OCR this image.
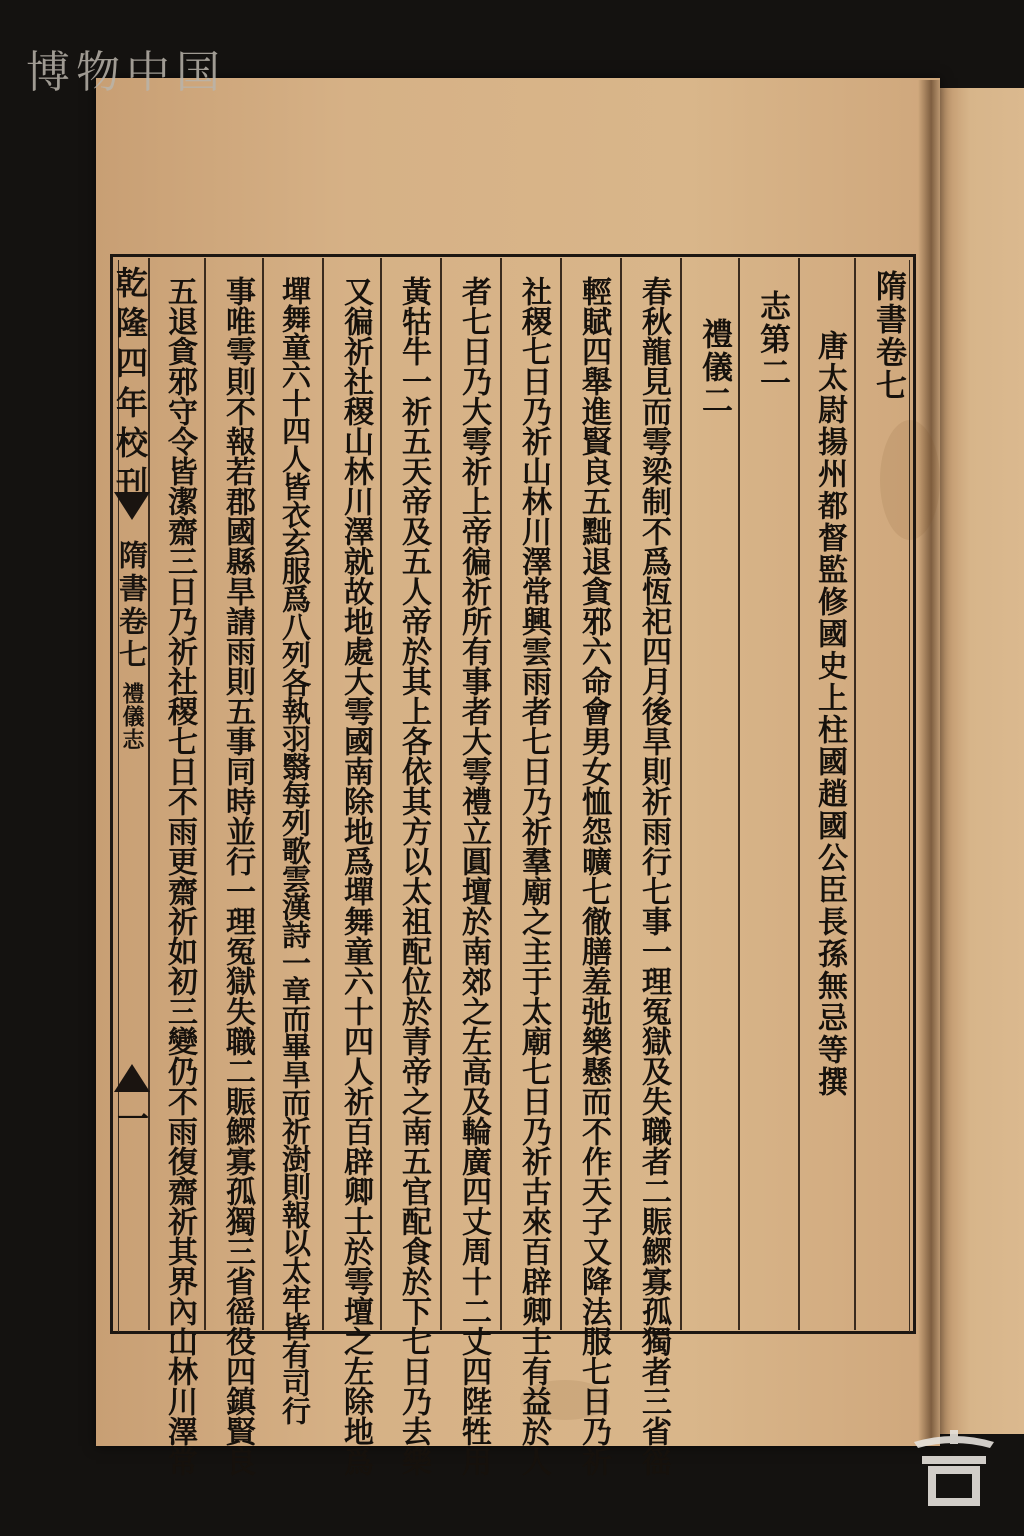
博物中国
隋書卷七
唐太尉揚州都督監修國史上柱國趙國公臣長孫無忌等撰
志第二
禮儀二
春秋龍見而雩梁制不爲恆祀四月後旱則祈雨行七事一理冤獄及失職者二賑鰥寡孤獨者三省徭
輕賦四舉進賢良五黜退貪邪六命會男女恤怨曠七徹膳羞弛樂懸而不作天子又降法服七日乃祈
社稷七日乃祈山林川澤常興雲雨者七日乃祈羣廟之主于太廟七日乃祈古來百辟卿士有益於人
者七日乃大雩祈上帝徧祈所有事者大雩禮立圓壇於南郊之左高及輪廣四丈周十二丈四陛牲用
黃牯牛一祈五天帝及五人帝於其上各依其方以太祖配位於青帝之南五官配食於下七日乃去樂
又徧祈社稷山林川澤就故地處大雩國南除地爲墠舞童六十四人祈百辟卿士於雩壇之左除地爲
墠舞童六十四人皆衣玄服爲八列各執羽翳每列歌雲漢詩一章而畢旱而祈澍則報以太牢皆有司行
事唯雩則不報若郡國縣旱請雨則五事同時並行一理冤獄失職二賑鰥寡孤獨三省徭役四鎮賢良
五退貪邪守令皆潔齋三日乃祈社稷七日不雨更齋祈如初三變仍不雨復齋祈其界內山林川澤常
乾隆四年校刊
隋書卷七
禮儀志
一
